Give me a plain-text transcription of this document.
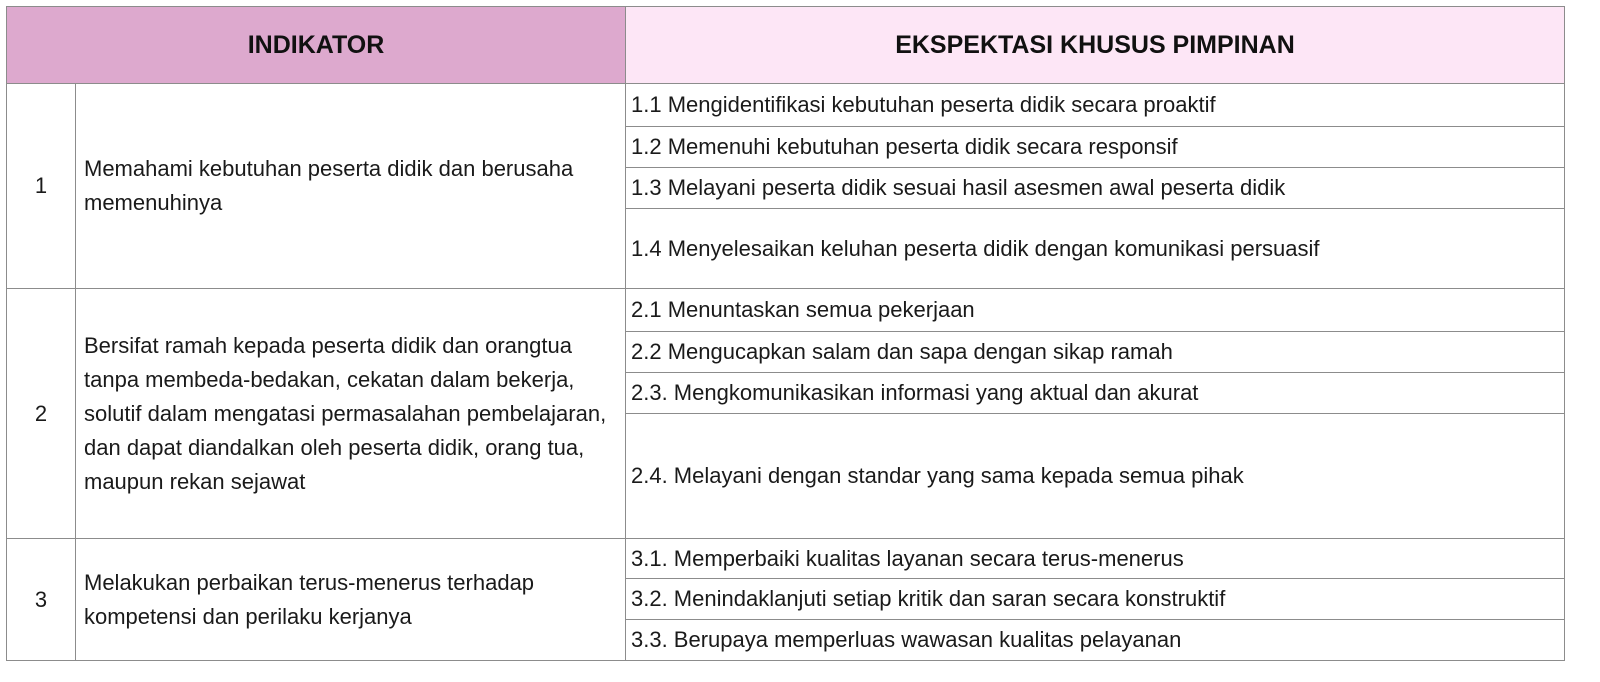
INDIKATOR		EKSPEKTASI KHUSUS PIMPINAN
1	Memahami kebutuhan peserta didik dan berusaha memenuhinya	1.1 Mengidentifikasi kebutuhan peserta didik secara proaktif
		1.2 Memenuhi kebutuhan peserta didik secara responsif
		1.3 Melayani peserta didik sesuai hasil asesmen awal peserta didik
		1.4 Menyelesaikan keluhan peserta didik dengan komunikasi persuasif
2	Bersifat ramah kepada peserta didik dan orangtua tanpa membeda-bedakan, cekatan dalam bekerja, solutif dalam mengatasi permasalahan pembelajaran, dan dapat diandalkan oleh peserta didik, orang tua, maupun rekan sejawat	2.1 Menuntaskan semua pekerjaan
		2.2 Mengucapkan salam dan sapa dengan sikap ramah
		2.3. Mengkomunikasikan informasi yang aktual dan akurat
		2.4. Melayani dengan standar yang sama kepada semua pihak
3	Melakukan perbaikan terus-menerus terhadap kompetensi dan perilaku kerjanya	3.1. Memperbaiki kualitas layanan secara terus-menerus
		3.2. Menindaklanjuti setiap kritik dan saran secara konstruktif
		3.3. Berupaya memperluas wawasan kualitas pelayanan
